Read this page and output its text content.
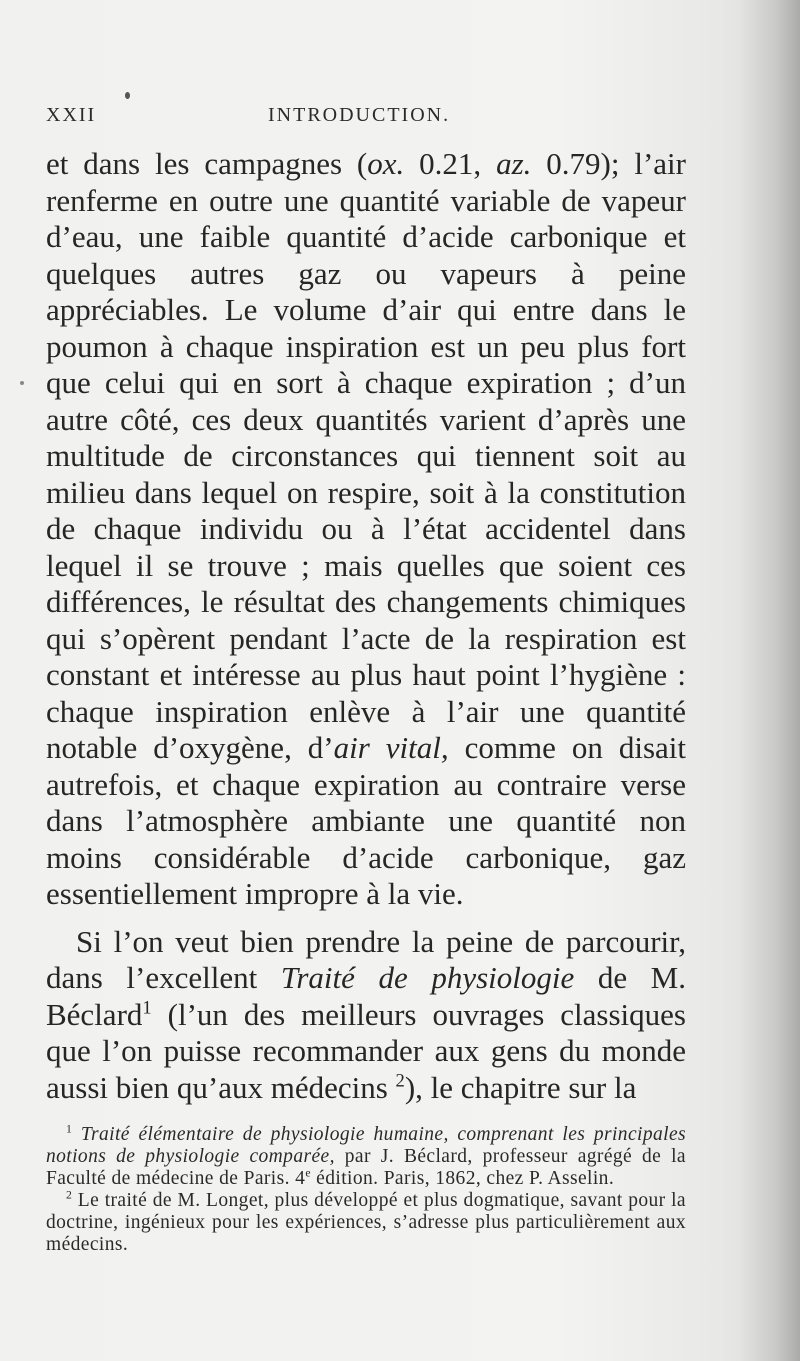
XXII	INTRODUCTION.

et dans les campagnes (ox. 0.21, az. 0.79); l’air renferme en outre une quantité variable de vapeur d’eau, une faible quantité d’acide carbonique et quelques autres gaz ou vapeurs à peine appréciables. Le volume d’air qui entre dans le poumon à chaque inspiration est un peu plus fort que celui qui en sort à chaque expiration ; d’un autre côté, ces deux quantités varient d’après une multitude de circonstances qui tiennent soit au milieu dans lequel on respire, soit à la constitution de chaque individu ou à l’état accidentel dans lequel il se trouve ; mais quelles que soient ces différences, le résultat des changements chimiques qui s’opèrent pendant l’acte de la respiration est constant et intéresse au plus haut point l’hygiène : chaque inspiration enlève à l’air une quantité notable d’oxygène, d’air vital, comme on disait autrefois, et chaque expiration au contraire verse dans l’atmosphère ambiante une quantité non moins considérable d’acide carbonique, gaz essentiellement impropre à la vie.

Si l’on veut bien prendre la peine de parcourir, dans l’excellent Traité de physiologie de M. Béclard$^1$ (l’un des meilleurs ouvrages classiques que l’on puisse recommander aux gens du monde aussi bien qu’aux médecins $^2$), le chapitre sur la

$^1$ Traité élémentaire de physiologie humaine, comprenant les principales notions de physiologie comparée, par J. Béclard, professeur agrégé de la Faculté de médecine de Paris. 4e édition. Paris, 1862, chez P. Asselin.

$^2$ Le traité de M. Longet, plus développé et plus dogmatique, savant pour la doctrine, ingénieux pour les expériences, s’adresse plus particulièrement aux médecins.
